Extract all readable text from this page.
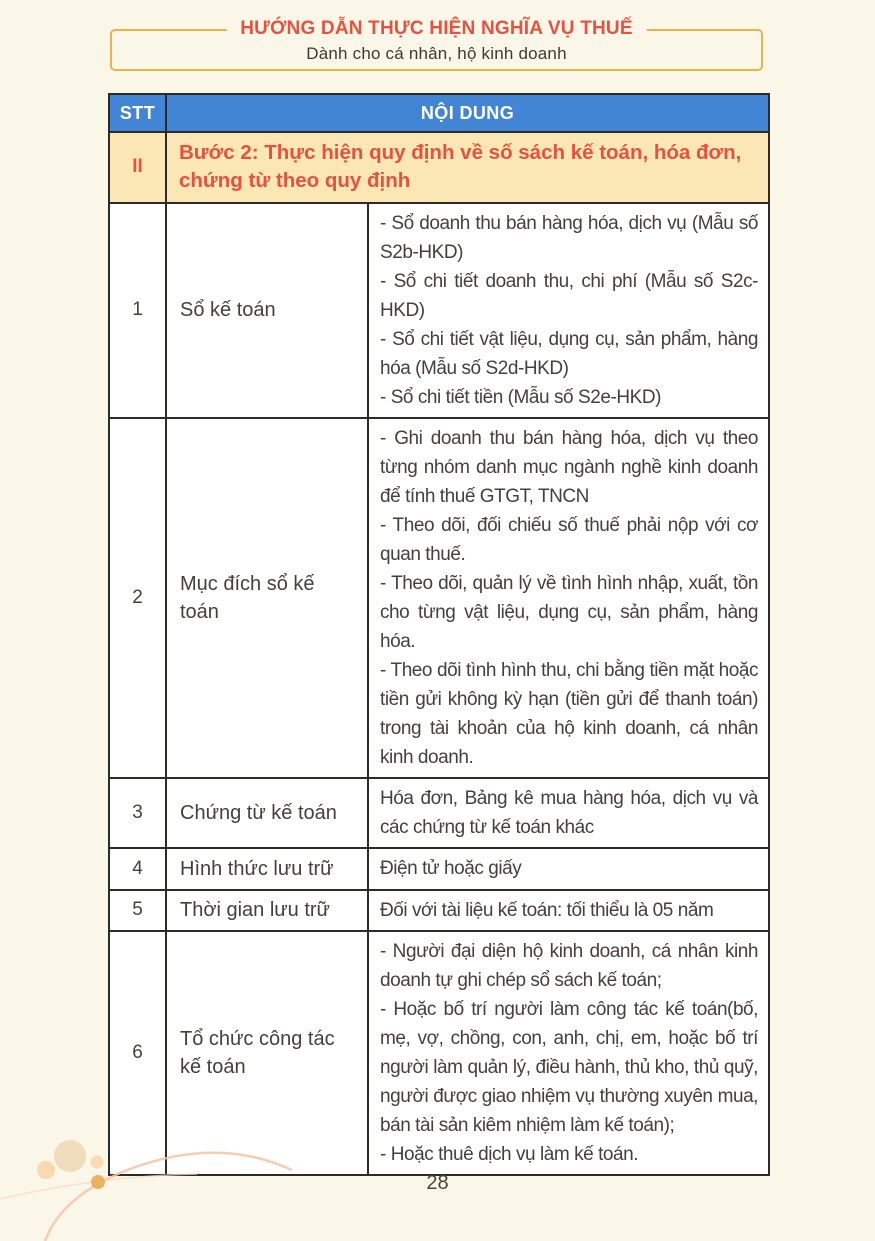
HƯỚNG DẪN THỰC HIỆN NGHĨA VỤ THUẾ
Dành cho cá nhân, hộ kinh doanh
STT	NỘI DUNG	
II	Bước 2: Thực hiện quy định về số sách kế toán, hóa đơn, chứng từ theo quy định	
1	Sổ kế toán	- Sổ doanh thu bán hàng hóa, dịch vụ (Mẫu số S2b-HKD)

- Sổ chi tiết doanh thu, chi phí (Mẫu số S2c-HKD)

- Sổ chi tiết vật liệu, dụng cụ, sản phẩm, hàng hóa (Mẫu số S2d-HKD)

- Sổ chi tiết tiền (Mẫu số S2e-HKD)

2	Mục đích sổ kế toán	- Ghi doanh thu bán hàng hóa, dịch vụ theo từng nhóm danh mục ngành nghề kinh doanh để tính thuế GTGT, TNCN

- Theo dõi, đối chiếu số thuế phải nộp với cơ quan thuế.

- Theo dõi, quản lý về tình hình nhập, xuất, tồn cho từng vật liệu, dụng cụ, sản phẩm, hàng hóa.

- Theo dõi tình hình thu, chi bằng tiền mặt hoặc tiền gửi không kỳ hạn (tiền gửi để thanh toán) trong tài khoản của hộ kinh doanh, cá nhân kinh doanh.

3	Chứng từ kế toán	Hóa đơn, Bảng kê mua hàng hóa, dịch vụ và các chứng từ kế toán khác

4	Hình thức lưu trữ	Điện tử hoặc giấy

5	Thời gian lưu trữ	Đối với tài liệu kế toán: tối thiểu là 05 năm

6	Tổ chức công tác kế toán	- Người đại diện hộ kinh doanh, cá nhân kinh doanh tự ghi chép sổ sách kế toán;

- Hoặc bố trí người làm công tác kế toán(bố, mẹ, vợ, chồng, con, anh, chị, em, hoặc bố trí người làm quản lý, điều hành, thủ kho, thủ quỹ, người được giao nhiệm vụ thường xuyên mua, bán tài sản kiêm nhiệm làm kế toán);

- Hoặc thuê dịch vụ làm kế toán.

28
